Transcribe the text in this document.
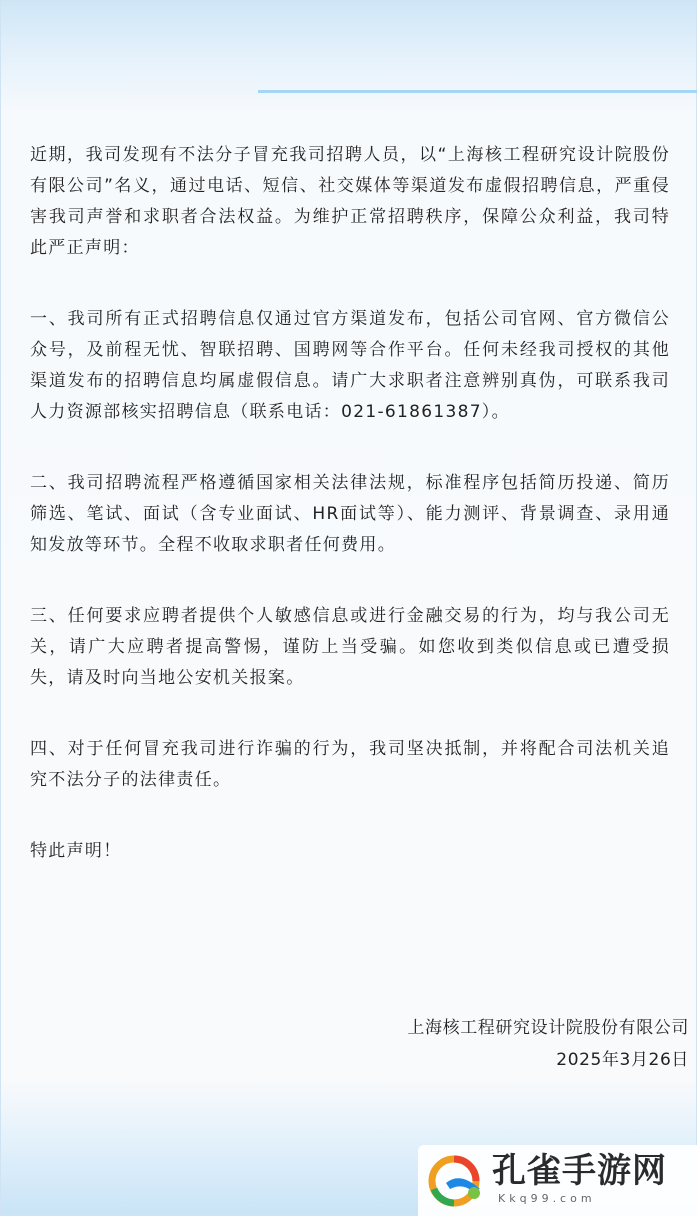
近期，我司发现有不法分子冒充我司招聘人员，以“上海核工程研究设计院股份有限公司”名义，通过电话、短信、社交媒体等渠道发布虚假招聘信息，严重侵害我司声誉和求职者合法权益。为维护正常招聘秩序，保障公众利益，我司特此严正声明：

一、我司所有正式招聘信息仅通过官方渠道发布，包括公司官网、官方微信公众号，及前程无忧、智联招聘、国聘网等合作平台。任何未经我司授权的其他渠道发布的招聘信息均属虚假信息。请广大求职者注意辨别真伪，可联系我司人力资源部核实招聘信息（联系电话：021-61861387）。

二、我司招聘流程严格遵循国家相关法律法规，标准程序包括简历投递、简历筛选、笔试、面试（含专业面试、HR面试等）、能力测评、背景调查、录用通知发放等环节。全程不收取求职者任何费用。

三、任何要求应聘者提供个人敏感信息或进行金融交易的行为，均与我公司无关，请广大应聘者提高警惕，谨防上当受骗。如您收到类似信息或已遭受损失，请及时向当地公安机关报案。

四、对于任何冒充我司进行诈骗的行为，我司坚决抵制，并将配合司法机关追究不法分子的法律责任。

特此声明！

上海核工程研究设计院股份有限公司
2025年3月26日
孔雀手游网
Kkq99.com
